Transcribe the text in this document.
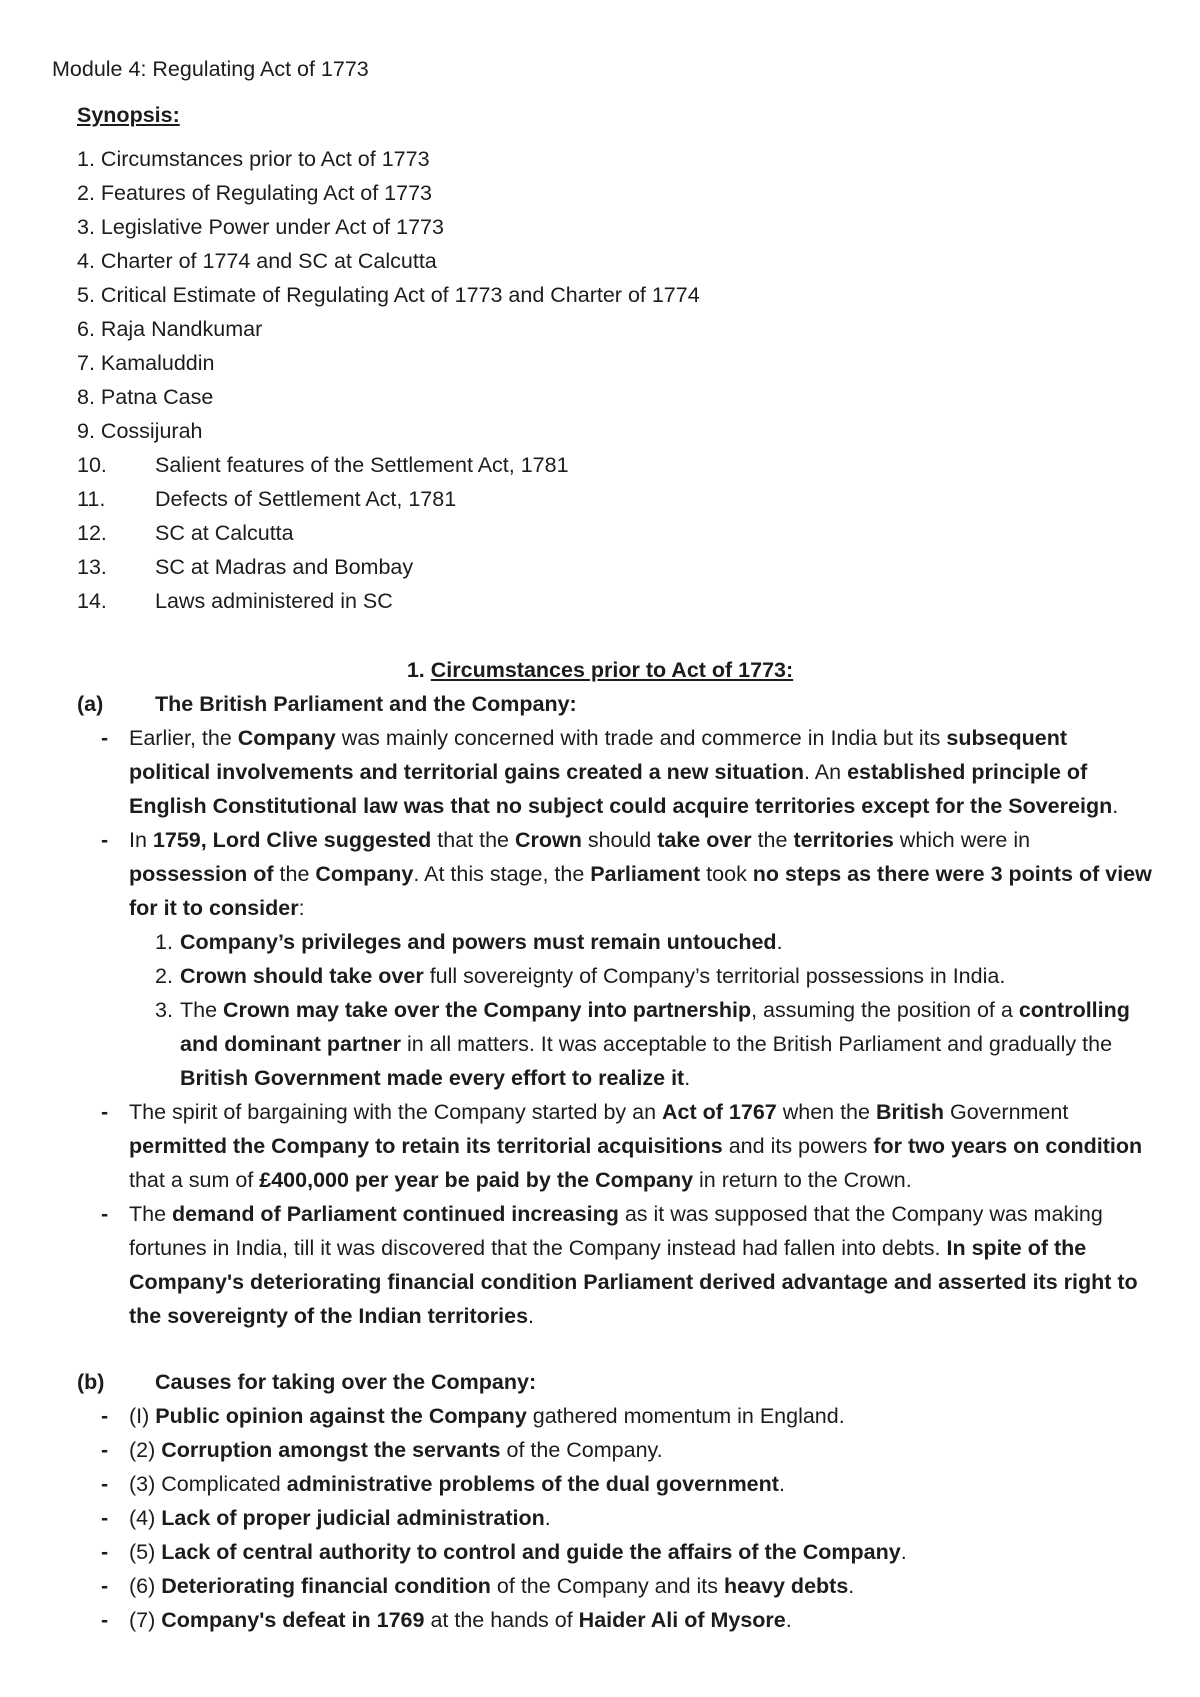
Module 4: Regulating Act of 1773
Synopsis:
1. Circumstances prior to Act of 1773
2. Features of Regulating Act of 1773
3. Legislative Power under Act of 1773
4. Charter of 1774 and SC at Calcutta
5. Critical Estimate of Regulating Act of 1773 and Charter of 1774
6. Raja Nandkumar
7. Kamaluddin
8. Patna Case
9. Cossijurah
10. Salient features of the Settlement Act, 1781
11. Defects of Settlement Act, 1781
12. SC at Calcutta
13. SC at Madras and Bombay
14. Laws administered in SC
1. Circumstances prior to Act of 1773:
(a) The British Parliament and the Company:
- Earlier, the Company was mainly concerned with trade and commerce in India but its subsequent political involvements and territorial gains created a new situation. An established principle of English Constitutional law was that no subject could acquire territories except for the Sovereign.
- In 1759, Lord Clive suggested that the Crown should take over the territories which were in possession of the Company. At this stage, the Parliament took no steps as there were 3 points of view for it to consider:
1. Company’s privileges and powers must remain untouched.
2. Crown should take over full sovereignty of Company’s territorial possessions in India.
3. The Crown may take over the Company into partnership, assuming the position of a controlling and dominant partner in all matters. It was acceptable to the British Parliament and gradually the British Government made every effort to realize it.
- The spirit of bargaining with the Company started by an Act of 1767 when the British Government permitted the Company to retain its territorial acquisitions and its powers for two years on condition that a sum of £400,000 per year be paid by the Company in return to the Crown.
- The demand of Parliament continued increasing as it was supposed that the Company was making fortunes in India, till it was discovered that the Company instead had fallen into debts. In spite of the Company's deteriorating financial condition Parliament derived advantage and asserted its right to the sovereignty of the Indian territories.
(b) Causes for taking over the Company:
- (I) Public opinion against the Company gathered momentum in England.
- (2) Corruption amongst the servants of the Company.
- (3) Complicated administrative problems of the dual government.
- (4) Lack of proper judicial administration.
- (5) Lack of central authority to control and guide the affairs of the Company.
- (6) Deteriorating financial condition of the Company and its heavy debts.
- (7) Company's defeat in 1769 at the hands of Haider Ali of Mysore.
